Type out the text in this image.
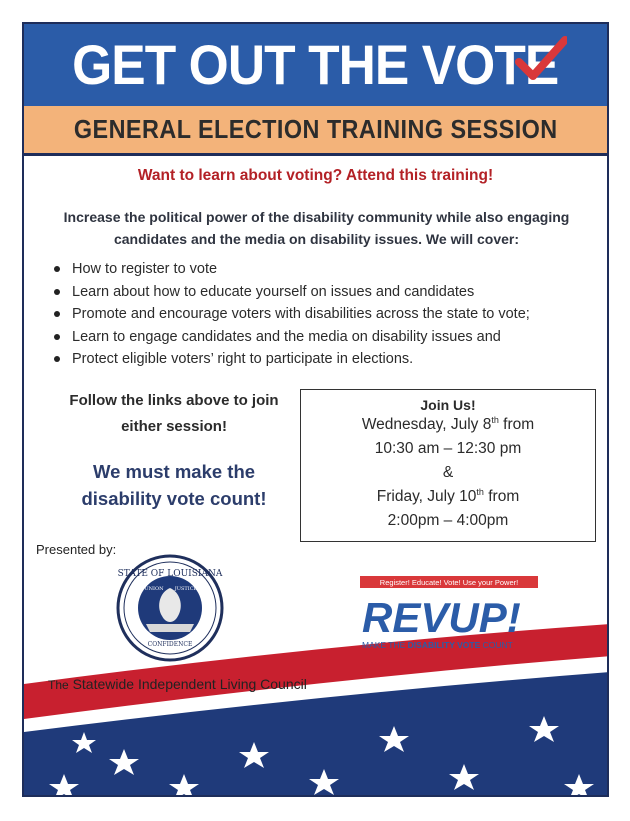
GET OUT THE VOTE
GENERAL ELECTION TRAINING SESSION
Want to learn about voting? Attend this training!
Increase the political power of the disability community while also engaging candidates and the media on disability issues. We will cover:
How to register to vote
Learn about how to educate yourself on issues and candidates
Promote and encourage voters with disabilities across the state to vote;
Learn to engage candidates and the media on disability issues and
Protect eligible voters’ right to participate in elections.
Follow the links above to join either session!
We must make the disability vote count!
Join Us!
Wednesday, July 8th from
10:30 am – 12:30 pm
&
Friday, July 10th from
2:00pm – 4:00pm
Presented by:
STATE OF LOUISIANA
UNION JUSTICE
CONFIDENCE
Register! Educate! Vote! Use your Power!
REVUP!
MAKE THE DISABILITY VOTE COUNT
The Statewide Independent Living Council
